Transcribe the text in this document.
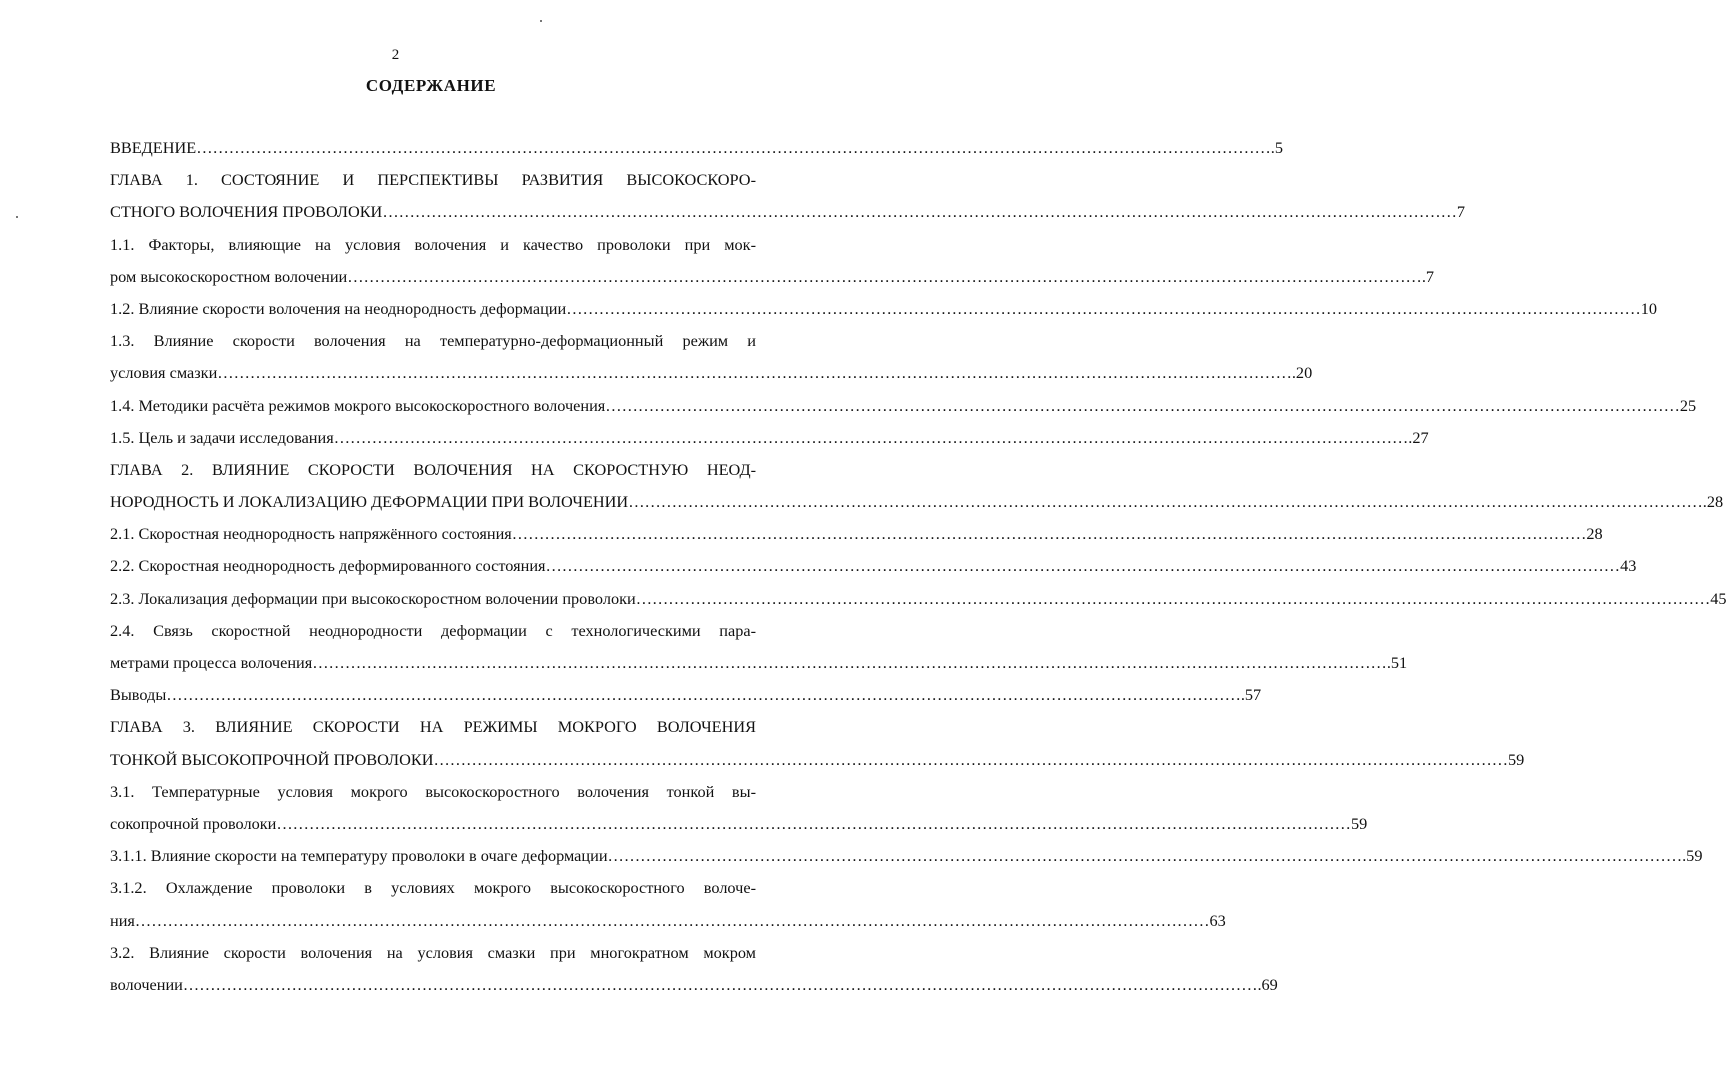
2
СОДЕРЖАНИЕ
ВВЕДЕНИЕ ……………………………………………………………………………………………………………………………………………………………………………… .5
ГЛАВА 1. СОСТОЯНИЕ И ПЕРСПЕКТИВЫ РАЗВИТИЯ ВЫСОКОСКОРО-
СТНОГО ВОЛОЧЕНИЯ ПРОВОЛОКИ ……………………………………………………………………………………………………………………………………………………………………………… 7
1.1. Факторы, влияющие на условия волочения и качество проволоки при мок-
ром высокоскоростном волочении ……………………………………………………………………………………………………………………………………………………………………………… .7
1.2. Влияние скорости волочения на неоднородность деформации ……………………………………………………………………………………………………………………………………………………………………………… 10
1.3. Влияние скорости волочения на температурно-деформационный режим и
условия смазки ……………………………………………………………………………………………………………………………………………………………………………… .20
1.4. Методики расчёта режимов мокрого высокоскоростного волочения ……………………………………………………………………………………………………………………………………………………………………………… 25
1.5. Цель и задачи исследования ……………………………………………………………………………………………………………………………………………………………………………… .27
ГЛАВА 2. ВЛИЯНИЕ СКОРОСТИ ВОЛОЧЕНИЯ НА СКОРОСТНУЮ НЕОД-
НОРОДНОСТЬ И ЛОКАЛИЗАЦИЮ ДЕФОРМАЦИИ ПРИ ВОЛОЧЕНИИ ……………………………………………………………………………………………………………………………………………………………………………… .28
2.1. Скоростная неоднородность напряжённого состояния ……………………………………………………………………………………………………………………………………………………………………………… 28
2.2. Скоростная неоднородность деформированного состояния ……………………………………………………………………………………………………………………………………………………………………………… 43
2.3. Локализация деформации при высокоскоростном волочении проволоки ……………………………………………………………………………………………………………………………………………………………………………… 45
2.4. Связь скоростной неоднородности деформации с технологическими пара-
метрами процесса волочения ……………………………………………………………………………………………………………………………………………………………………………… .51
Выводы ……………………………………………………………………………………………………………………………………………………………………………… .57
ГЛАВА 3. ВЛИЯНИЕ СКОРОСТИ НА РЕЖИМЫ МОКРОГО ВОЛОЧЕНИЯ
ТОНКОЙ ВЫСОКОПРОЧНОЙ ПРОВОЛОКИ ……………………………………………………………………………………………………………………………………………………………………………… 59
3.1. Температурные условия мокрого высокоскоростного волочения тонкой вы-
сокопрочной проволоки ……………………………………………………………………………………………………………………………………………………………………………… 59
3.1.1. Влияние скорости на температуру проволоки в очаге деформации ……………………………………………………………………………………………………………………………………………………………………………… .59
3.1.2. Охлаждение проволоки в условиях мокрого высокоскоростного волоче-
ния ……………………………………………………………………………………………………………………………………………………………………………… 63
3.2. Влияние скорости волочения на условия смазки при многократном мокром
волочении ……………………………………………………………………………………………………………………………………………………………………………… .69
